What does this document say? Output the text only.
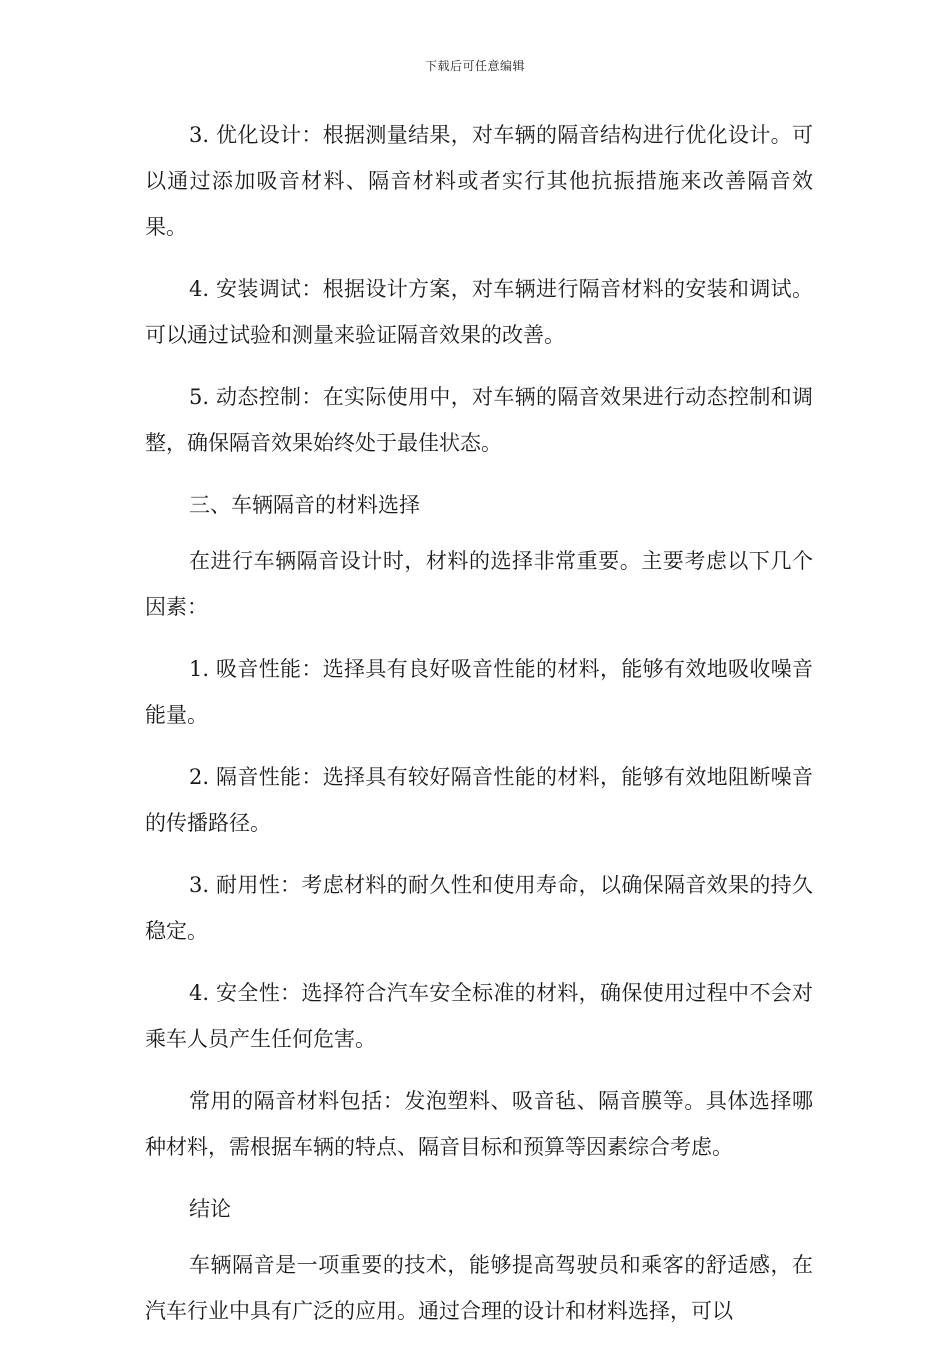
下载后可任意编辑

3. 优化设计：根据测量结果，对车辆的隔音结构进行优化设计。可以通过添加吸音材料、隔音材料或者实行其他抗振措施来改善隔音效果。

4. 安装调试：根据设计方案，对车辆进行隔音材料的安装和调试。可以通过试验和测量来验证隔音效果的改善。

5. 动态控制：在实际使用中，对车辆的隔音效果进行动态控制和调整，确保隔音效果始终处于最佳状态。

三、车辆隔音的材料选择

在进行车辆隔音设计时，材料的选择非常重要。主要考虑以下几个因素：

1. 吸音性能：选择具有良好吸音性能的材料，能够有效地吸收噪音能量。

2. 隔音性能：选择具有较好隔音性能的材料，能够有效地阻断噪音的传播路径。

3. 耐用性：考虑材料的耐久性和使用寿命，以确保隔音效果的持久稳定。

4. 安全性：选择符合汽车安全标准的材料，确保使用过程中不会对乘车人员产生任何危害。

常用的隔音材料包括：发泡塑料、吸音毡、隔音膜等。具体选择哪种材料，需根据车辆的特点、隔音目标和预算等因素综合考虑。

结论

车辆隔音是一项重要的技术，能够提高驾驶员和乘客的舒适感，在汽车行业中具有广泛的应用。通过合理的设计和材料选择，可以
